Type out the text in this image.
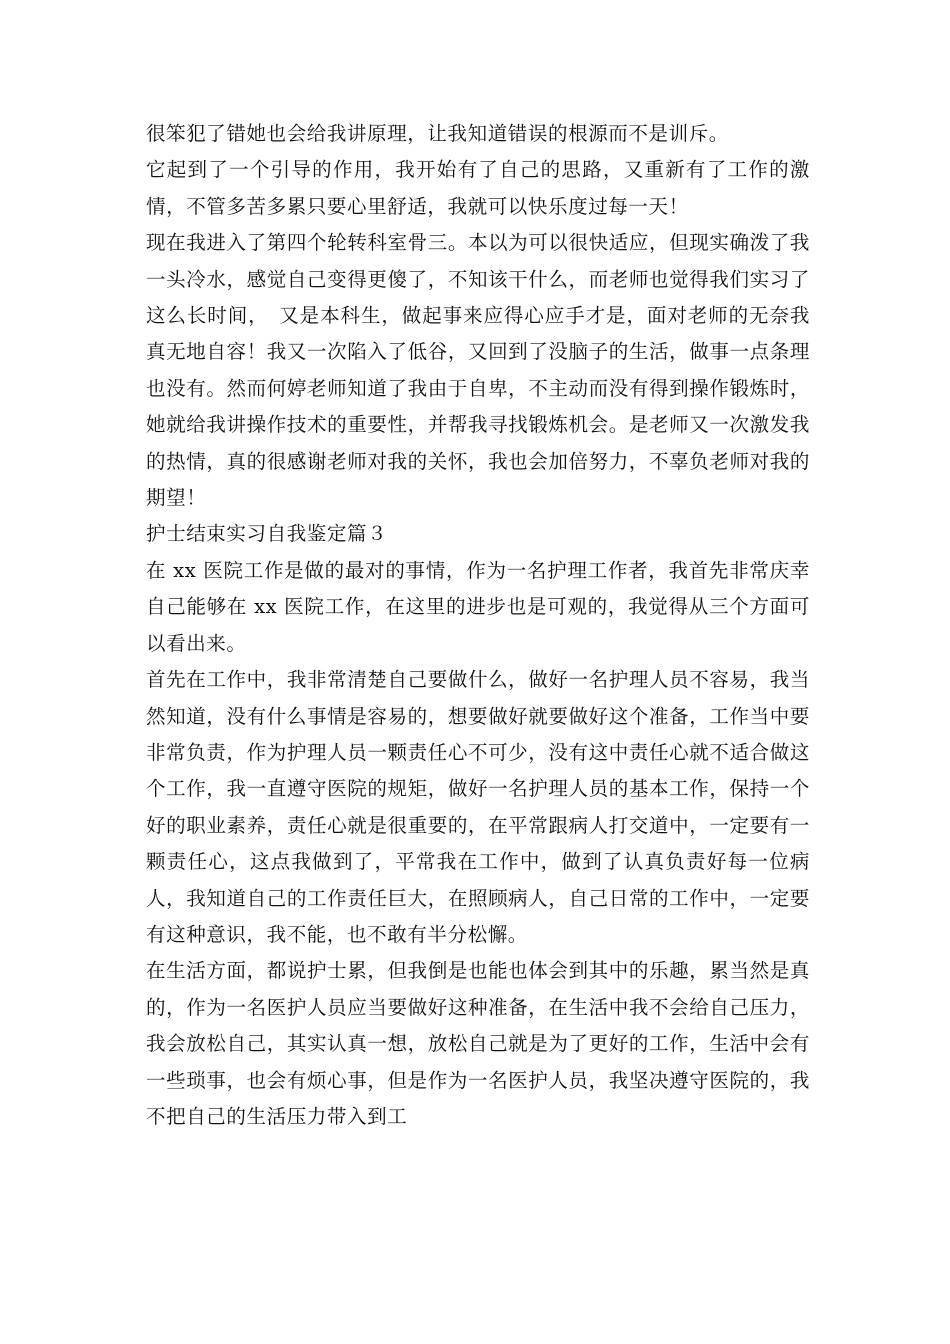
很笨犯了错她也会给我讲原理，让我知道错误的根源而不是训斥。

它起到了一个引导的作用，我开始有了自己的思路，又重新有了工作的激情，不管多苦多累只要心里舒适，我就可以快乐度过每一天！

现在我进入了第四个轮转科室骨三。本以为可以很快适应，但现实确泼了我一头冷水，感觉自己变得更傻了，不知该干什么，而老师也觉得我们实习了这么长时间，　又是本科生，做起事来应得心应手才是，面对老师的无奈我真无地自容！我又一次陷入了低谷，又回到了没脑子的生活，做事一点条理也没有。然而何婷老师知道了我由于自卑，不主动而没有得到操作锻炼时，她就给我讲操作技术的重要性，并帮我寻找锻炼机会。是老师又一次激发我的热情，真的很感谢老师对我的关怀，我也会加倍努力，不辜负老师对我的期望！

护士结束实习自我鉴定篇３

在 xx 医院工作是做的最对的事情，作为一名护理工作者，我首先非常庆幸自己能够在 xx 医院工作，在这里的进步也是可观的，我觉得从三个方面可以看出来。

首先在工作中，我非常清楚自己要做什么，做好一名护理人员不容易，我当然知道，没有什么事情是容易的，想要做好就要做好这个准备，工作当中要非常负责，作为护理人员一颗责任心不可少，没有这中责任心就不适合做这个工作，我一直遵守医院的规矩，做好一名护理人员的基本工作，保持一个好的职业素养，责任心就是很重要的，在平常跟病人打交道中，一定要有一颗责任心，这点我做到了，平常我在工作中，做到了认真负责好每一位病人，我知道自己的工作责任巨大，在照顾病人，自己日常的工作中，一定要有这种意识，我不能，也不敢有半分松懈。

在生活方面，都说护士累，但我倒是也能也体会到其中的乐趣，累当然是真的，作为一名医护人员应当要做好这种准备，在生活中我不会给自己压力，我会放松自己，其实认真一想，放松自己就是为了更好的工作，生活中会有一些琐事，也会有烦心事，但是作为一名医护人员，我坚决遵守医院的，我不把自己的生活压力带入到工
